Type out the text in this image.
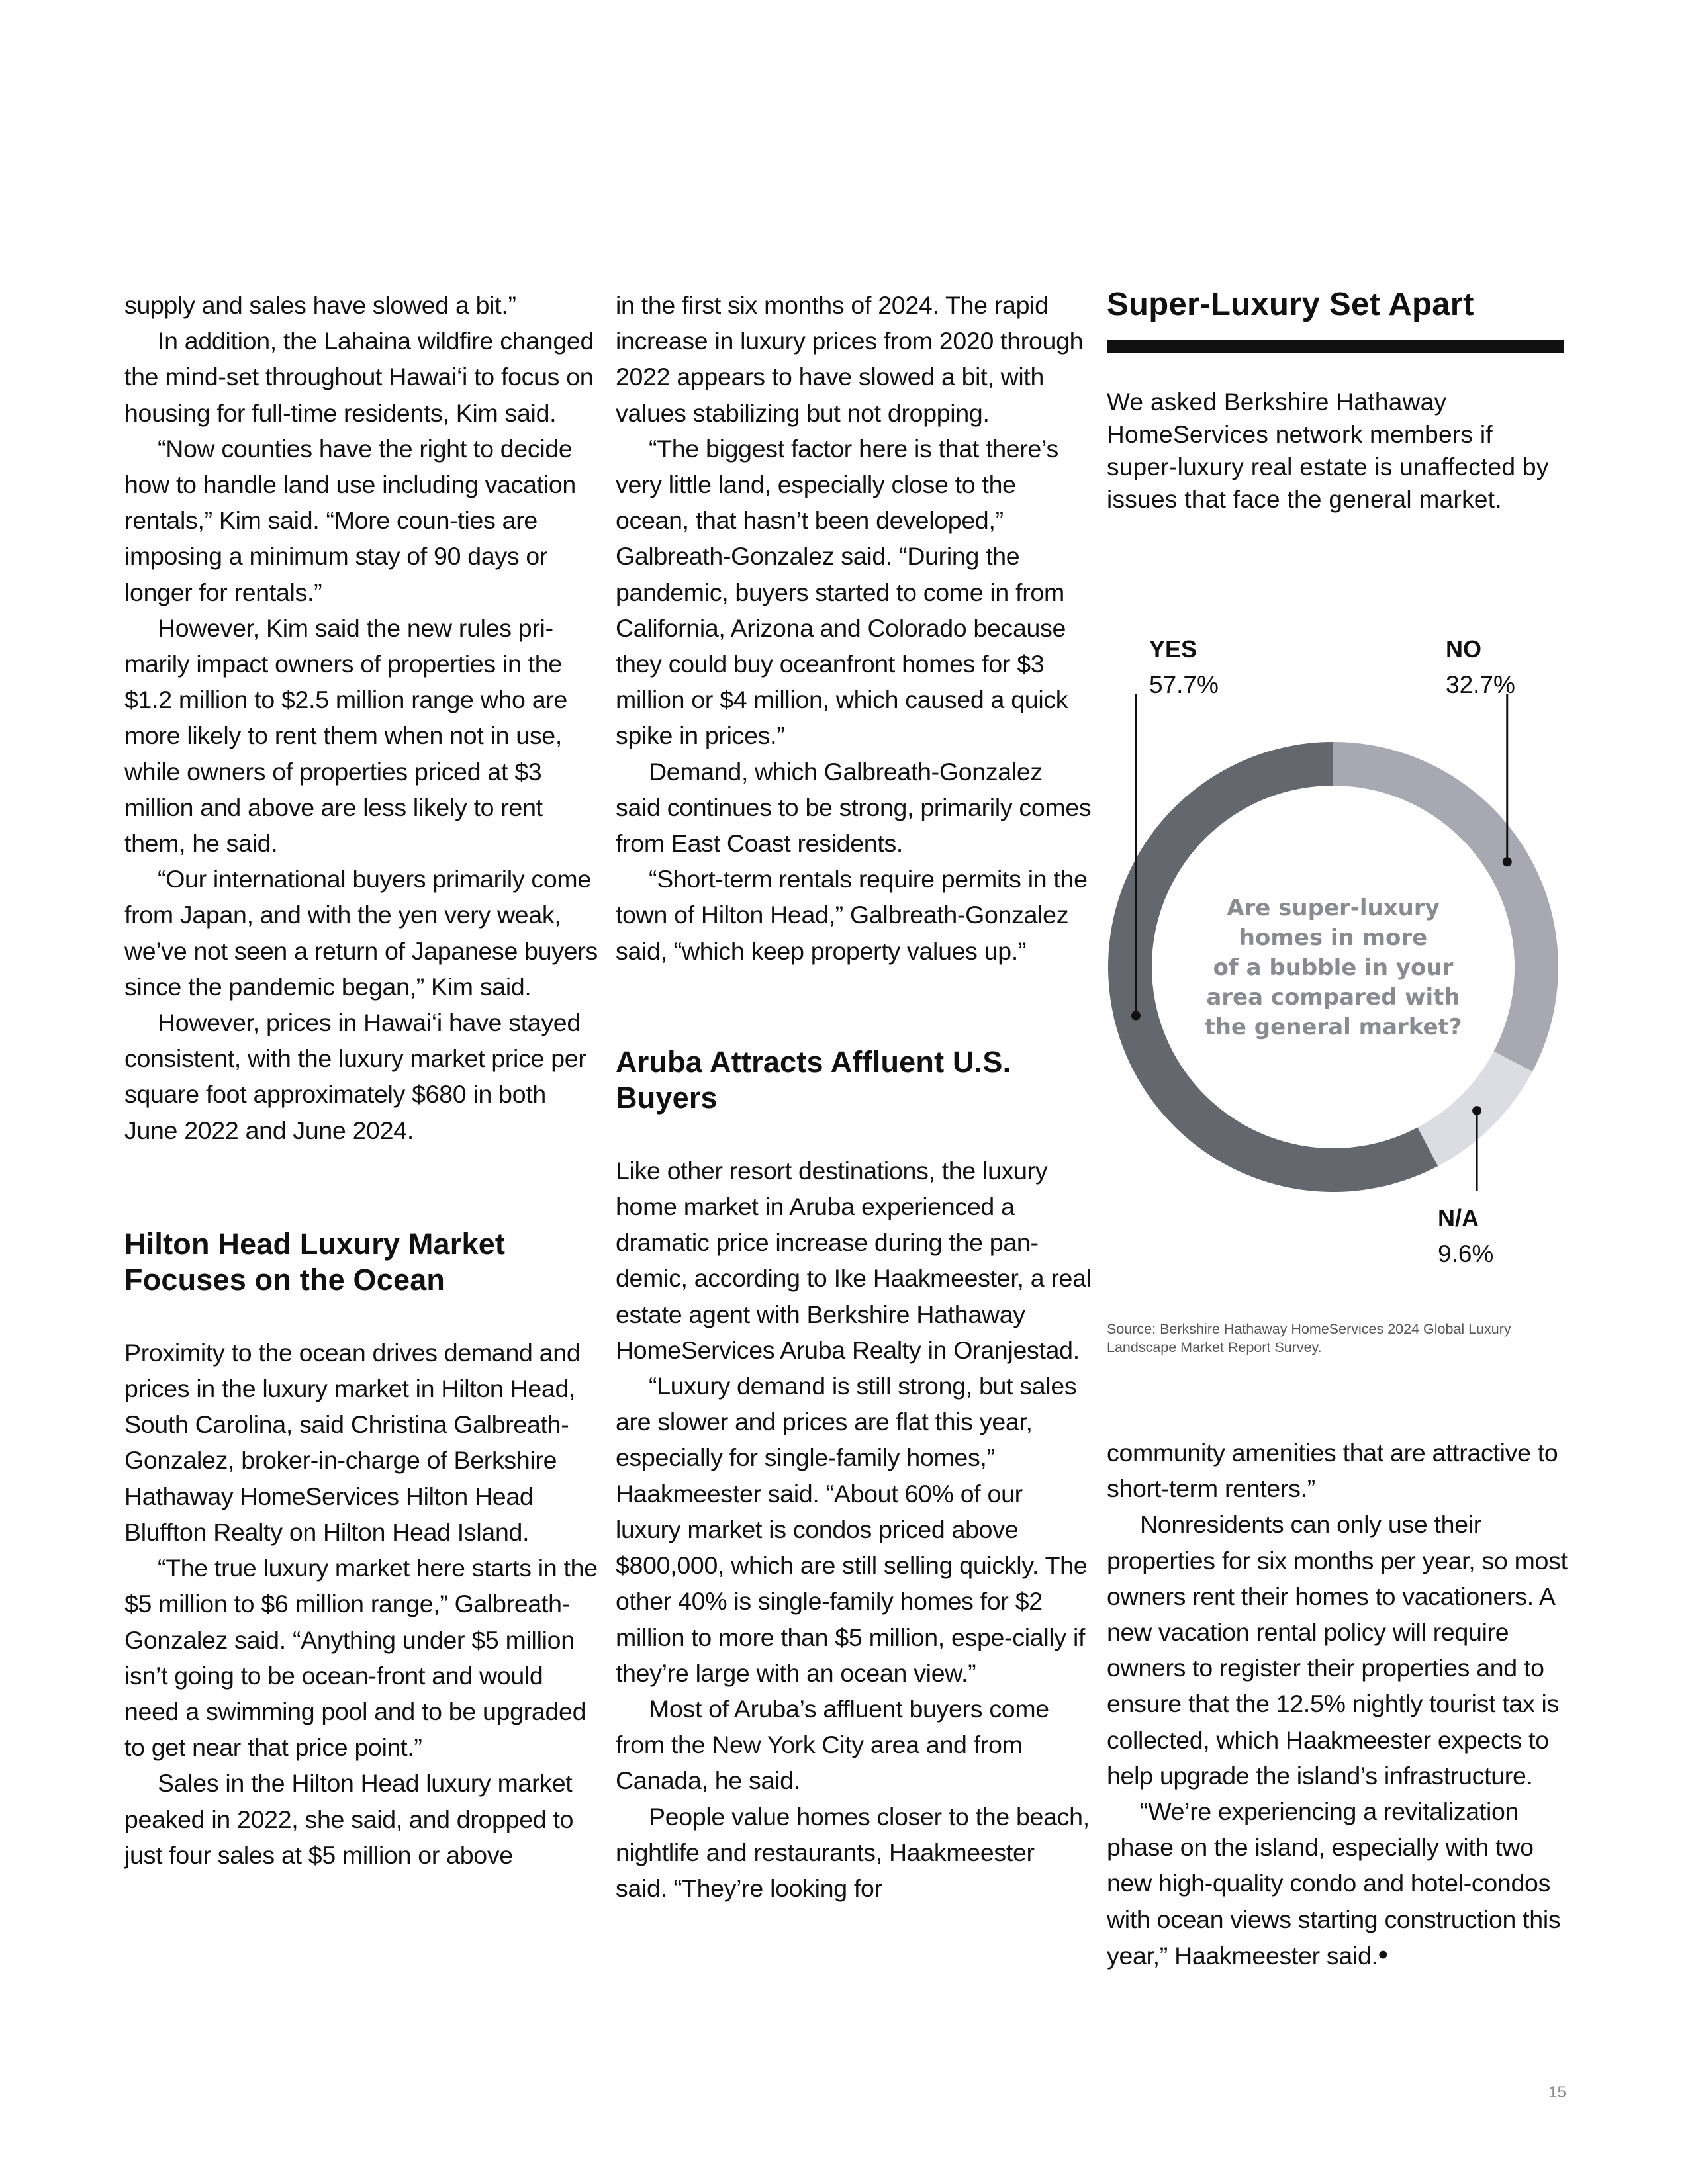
supply and sales have slowed a bit.”

In addition, the Lahaina wildfire changed the mind-set throughout Hawai‘i to focus on housing for full-time residents, Kim said.

“Now counties have the right to decide how to handle land use including vacation rentals,” Kim said. “More coun-ties are imposing a minimum stay of 90 days or longer for rentals.”

However, Kim said the new rules pri-marily impact owners of properties in the $1.2 million to $2.5 million range who are more likely to rent them when not in use, while owners of properties priced at $3 million and above are less likely to rent them, he said.

“Our international buyers primarily come from Japan, and with the yen very weak, we’ve not seen a return of Japanese buyers since the pandemic began,” Kim said.

However, prices in Hawai‘i have stayed consistent, with the luxury market price per square foot approximately $680 in both June 2022 and June 2024.

Hilton Head Luxury Market Focuses on the Ocean

Proximity to the ocean drives demand and prices in the luxury market in Hilton Head, South Carolina, said Christina Galbreath-Gonzalez, broker-in-charge of Berkshire Hathaway HomeServices Hilton Head Bluffton Realty on Hilton Head Island.

“The true luxury market here starts in the $5 million to $6 million range,” Galbreath-Gonzalez said. “Anything under $5 million isn’t going to be ocean-front and would need a swimming pool and to be upgraded to get near that price point.”

Sales in the Hilton Head luxury market peaked in 2022, she said, and dropped to just four sales at $5 million or above

in the first six months of 2024. The rapid increase in luxury prices from 2020 through 2022 appears to have slowed a bit, with values stabilizing but not dropping.

“The biggest factor here is that there’s very little land, especially close to the ocean, that hasn’t been developed,” Galbreath-Gonzalez said. “During the pandemic, buyers started to come in from California, Arizona and Colorado because they could buy oceanfront homes for $3 million or $4 million, which caused a quick spike in prices.”

Demand, which Galbreath-Gonzalez said continues to be strong, primarily comes from East Coast residents.

“Short-term rentals require permits in the town of Hilton Head,” Galbreath-Gonzalez said, “which keep property values up.”

Aruba Attracts Affluent U.S. Buyers

Like other resort destinations, the luxury home market in Aruba experienced a dramatic price increase during the pan-demic, according to Ike Haakmeester, a real estate agent with Berkshire Hathaway HomeServices Aruba Realty in Oranjestad.

“Luxury demand is still strong, but sales are slower and prices are flat this year, especially for single-family homes,” Haakmeester said. “About 60% of our luxury market is condos priced above $800,000, which are still selling quickly. The other 40% is single-family homes for $2 million to more than $5 million, espe-cially if they’re large with an ocean view.”

Most of Aruba’s affluent buyers come from the New York City area and from Canada, he said.

People value homes closer to the beach, nightlife and restaurants, Haakmeester said. “They’re looking for

Super-Luxury Set Apart

We asked Berkshire Hathaway HomeServices network members if super-luxury real estate is unaffected by issues that face the general market.

NO
32.7%
N/A
9.6%
YES
57.7%
Are super-luxury homes in more of a bubble in your area compared with the general market?
Source: Berkshire Hathaway HomeServices 2024 Global Luxury Landscape Market Report Survey.

community amenities that are attractive to short-term renters.”

Nonresidents can only use their properties for six months per year, so most owners rent their homes to vacationers. A new vacation rental policy will require owners to register their properties and to ensure that the 12.5% nightly tourist tax is collected, which Haakmeester expects to help upgrade the island’s infrastructure.

“We’re experiencing a revitalization phase on the island, especially with two new high-quality condo and hotel-condos with ocean views starting construction this year,” Haakmeester said.•

15
